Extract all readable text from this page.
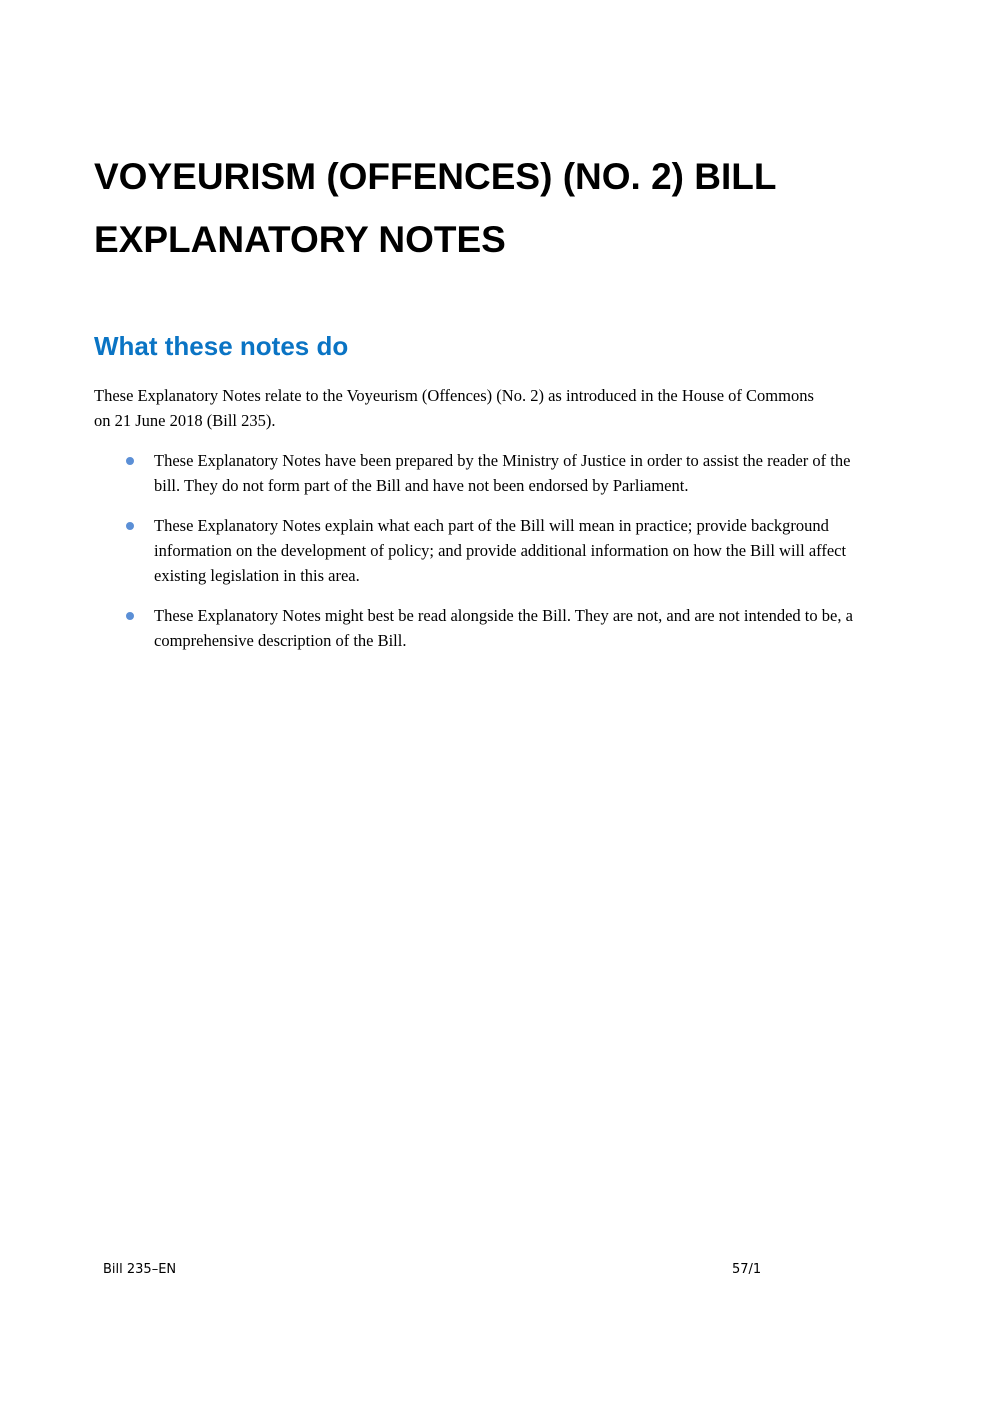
VOYEURISM (OFFENCES) (NO. 2) BILL
EXPLANATORY NOTES
What these notes do

These Explanatory Notes relate to the Voyeurism (Offences) (No. 2) as introduced in the House of Commons on 21 June 2018 (Bill 235).

These Explanatory Notes have been prepared by the Ministry of Justice in order to assist the reader of the bill. They do not form part of the Bill and have not been endorsed by Parliament.
These Explanatory Notes explain what each part of the Bill will mean in practice; provide background information on the development of policy; and provide additional information on how the Bill will affect existing legislation in this area.
These Explanatory Notes might best be read alongside the Bill. They are not, and are not intended to be, a comprehensive description of the Bill.
Bill 235–EN	57/1
